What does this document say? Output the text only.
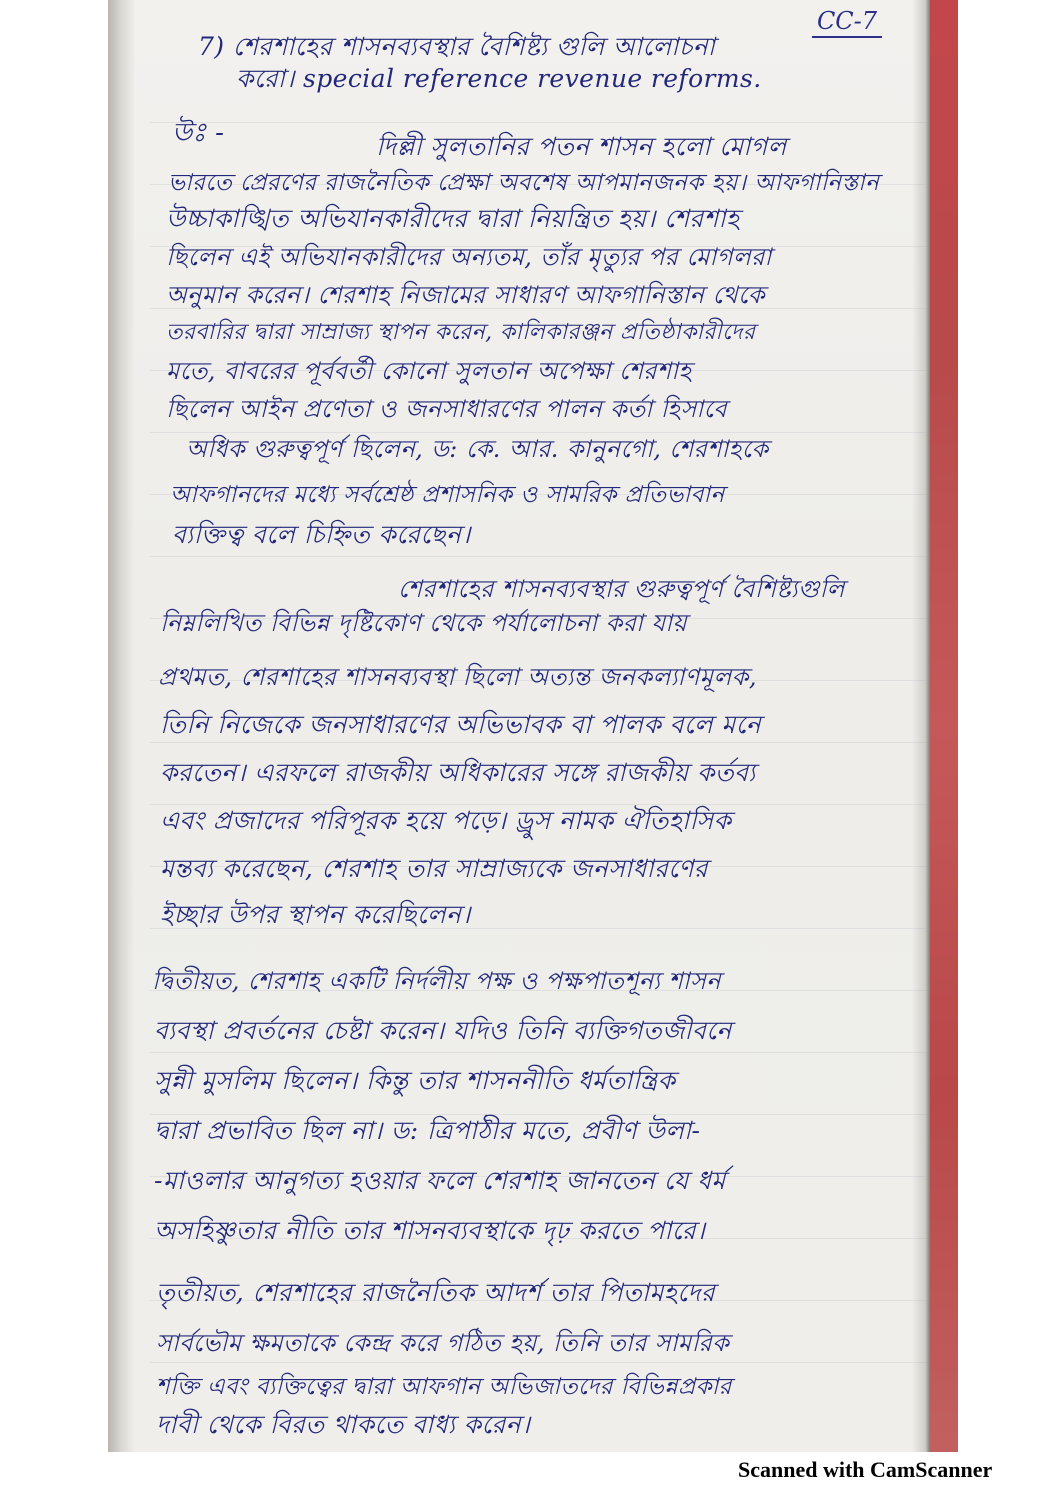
CC-7
7) শেরশাহের শাসনব্যবস্থার বৈশিষ্ট্য গুলি আলোচনা
করো। special reference revenue reforms.
উঃ -	দিল্লী সুলতানির পতন শাসন হলো মোগল
ভারতে প্রেরণের রাজনৈতিক প্রেক্ষা অবশেষ আপমানজনক হয়। আফগানিস্তান
উচ্চাকাঙ্খিত অভিযানকারীদের দ্বারা নিয়ন্ত্রিত হয়। শেরশাহ
ছিলেন এই অভিযানকারীদের অন্যতম, তাঁর মৃত্যুর পর মোগলরা
অনুমান করেন। শেরশাহ নিজামের সাধারণ আফগানিস্তান থেকে
তরবারির দ্বারা সাম্রাজ্য স্থাপন করেন, কালিকারঞ্জন প্রতিষ্ঠাকারীদের
মতে, বাবরের পূর্ববর্তী কোনো সুলতান অপেক্ষা শেরশাহ
ছিলেন আইন প্রণেতা ও জনসাধারণের পালন কর্তা হিসাবে
অধিক গুরুত্বপূর্ণ ছিলেন, ড: কে. আর. কানুনগো, শেরশাহকে
আফগানদের মধ্যে সর্বশ্রেষ্ঠ প্রশাসনিক ও সামরিক প্রতিভাবান
ব্যক্তিত্ব বলে চিহ্নিত করেছেন।
শেরশাহের শাসনব্যবস্থার গুরুত্বপূর্ণ বৈশিষ্ট্যগুলি
নিম্নলিখিত বিভিন্ন দৃষ্টিকোণ থেকে পর্যালোচনা করা যায়
প্রথমত, শেরশাহের শাসনব্যবস্থা ছিলো অত্যন্ত জনকল্যাণমূলক,
তিনি নিজেকে জনসাধারণের অভিভাবক বা পালক বলে মনে
করতেন। এরফলে রাজকীয় অধিকারের সঙ্গে রাজকীয় কর্তব্য
এবং প্রজাদের পরিপূরক হয়ে পড়ে। ড্রুস নামক ঐতিহাসিক
মন্তব্য করেছেন, শেরশাহ তার সাম্রাজ্যকে জনসাধারণের
ইচ্ছার উপর স্থাপন করেছিলেন।
দ্বিতীয়ত, শেরশাহ একটি নির্দলীয় পক্ষ ও পক্ষপাতশূন্য শাসন
ব্যবস্থা প্রবর্তনের চেষ্টা করেন। যদিও তিনি ব্যক্তিগতজীবনে
সুন্নী মুসলিম ছিলেন। কিন্তু তার শাসননীতি ধর্মতান্ত্রিক
দ্বারা প্রভাবিত ছিল না। ড: ত্রিপাঠীর মতে, প্রবীণ উলা-
-মাওলার আনুগত্য হওয়ার ফলে শেরশাহ জানতেন যে ধর্ম
অসহিষ্ণুতার নীতি তার শাসনব্যবস্থাকে দৃঢ় করতে পারে।
তৃতীয়ত, শেরশাহের রাজনৈতিক আদর্শ তার পিতামহদের
সার্বভৌম ক্ষমতাকে কেন্দ্র করে গঠিত হয়, তিনি তার সামরিক
শক্তি এবং ব্যক্তিত্বের দ্বারা আফগান অভিজাতদের বিভিন্নপ্রকার
দাবী থেকে বিরত থাকতে বাধ্য করেন।
Scanned with CamScanner
